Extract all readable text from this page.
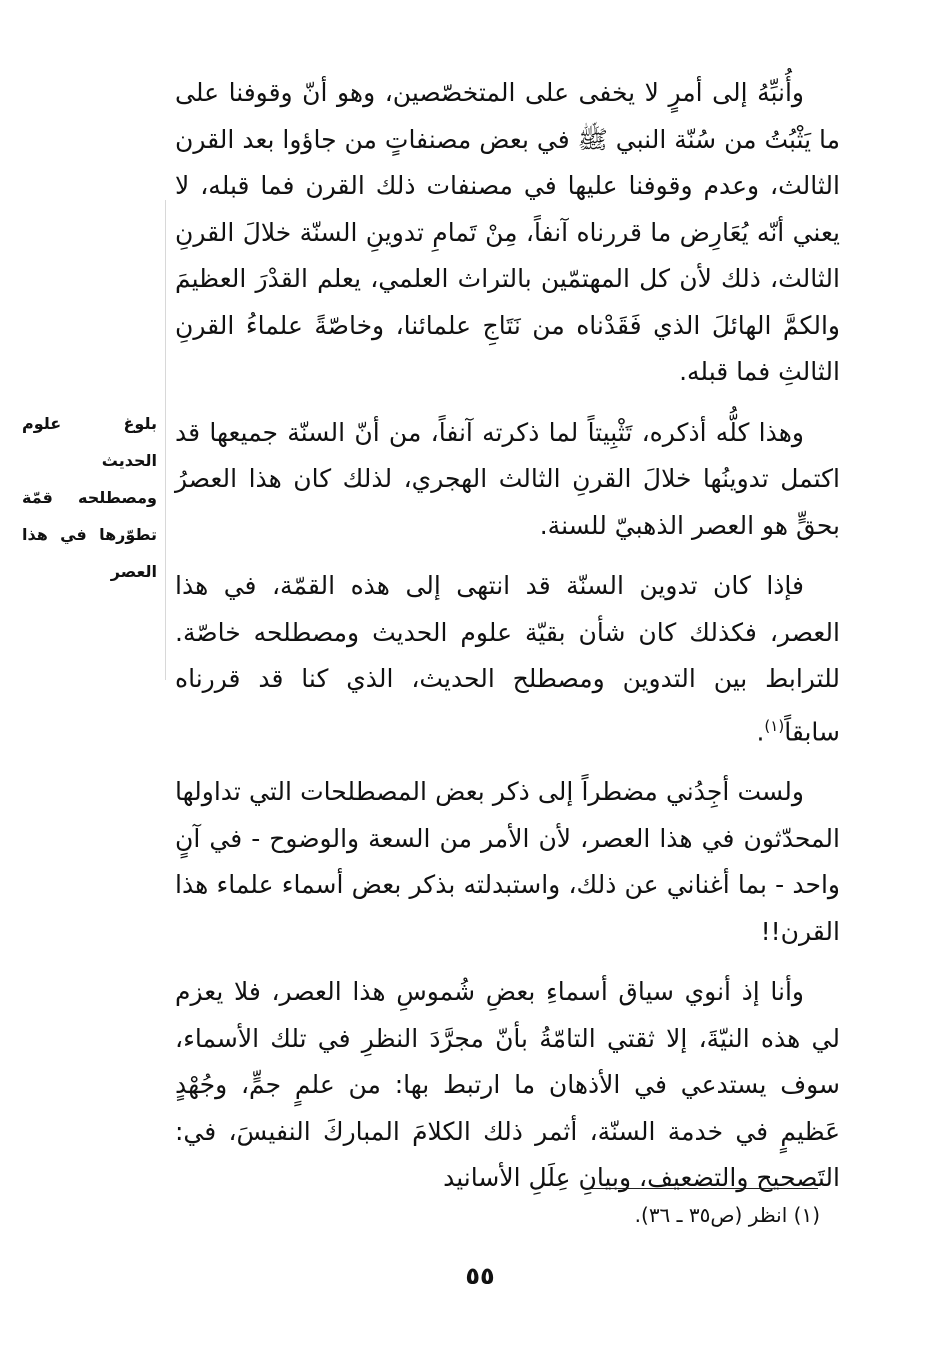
وأُنبِّهُ إلى أمرٍ لا يخفى على المتخصّصين، وهو أنّ وقوفنا على ما يَثْبُتُ من سُنّة النبي ﷺ في بعض مصنفاتٍ من جاؤوا بعد القرن الثالث، وعدم وقوفنا عليها في مصنفات ذلك القرن فما قبله، لا يعني أنّه يُعَارِض ما قررناه آنفاً، مِنْ تَمامِ تدوينِ السنّة خلالَ القرنِ الثالث، ذلك لأن كل المهتمّين بالتراث العلمي، يعلم القدْرَ العظيمَ والكمَّ الهائلَ الذي فَقَدْناه من نَتَاجِ علمائنا، وخاصّةً علماءُ القرنِ الثالثِ فما قبله.

وهذا كلُّه أذكره، تَثْبِيتاً لما ذكرته آنفاً، من أنّ السنّة جميعها قد اكتمل تدوينُها خلالَ القرنِ الثالث الهجري، لذلك كان هذا العصرُ بحقٍّ هو العصر الذهبيّ للسنة.

فإذا كان تدوين السنّة قد انتهى إلى هذه القمّة، في هذا العصر، فكذلك كان شأن بقيّة علوم الحديث ومصطلحه خاصّة. للترابط بين التدوين ومصطلح الحديث، الذي كنا قد قررناه سابقاً$^{(١)}$.

ولست أجِدُني مضطراً إلى ذكر بعض المصطلحات التي تداولها المحدّثون في هذا العصر، لأن الأمر من السعة والوضوح - في آنٍ واحد - بما أغناني عن ذلك، واستبدلته بذكر بعض أسماء علماء هذا القرن!!

وأنا إذ أنوي سياق أسماءِ بعضِ شُموسِ هذا العصر، فلا يعزم لي هذه النيّةَ، إلا ثقتي التامّةُ بأنّ مجرَّدَ النظرِ في تلك الأسماء، سوف يستدعي في الأذهان ما ارتبط بها: من علمٍ جمٍّ، وجُهْدٍ عَظيمٍ في خدمة السنّة، أثمر ذلك الكلامَ المباركَ النفيسَ، في: التَصحيح والتضعيف، وبيانِ عِلَلِ الأسانيد

بلوغ علوم الحديث ومصطلحه قمّة تطوّرها في هذا العصر
(١) انظر (ص٣٥ ـ ٣٦).
٥٥
